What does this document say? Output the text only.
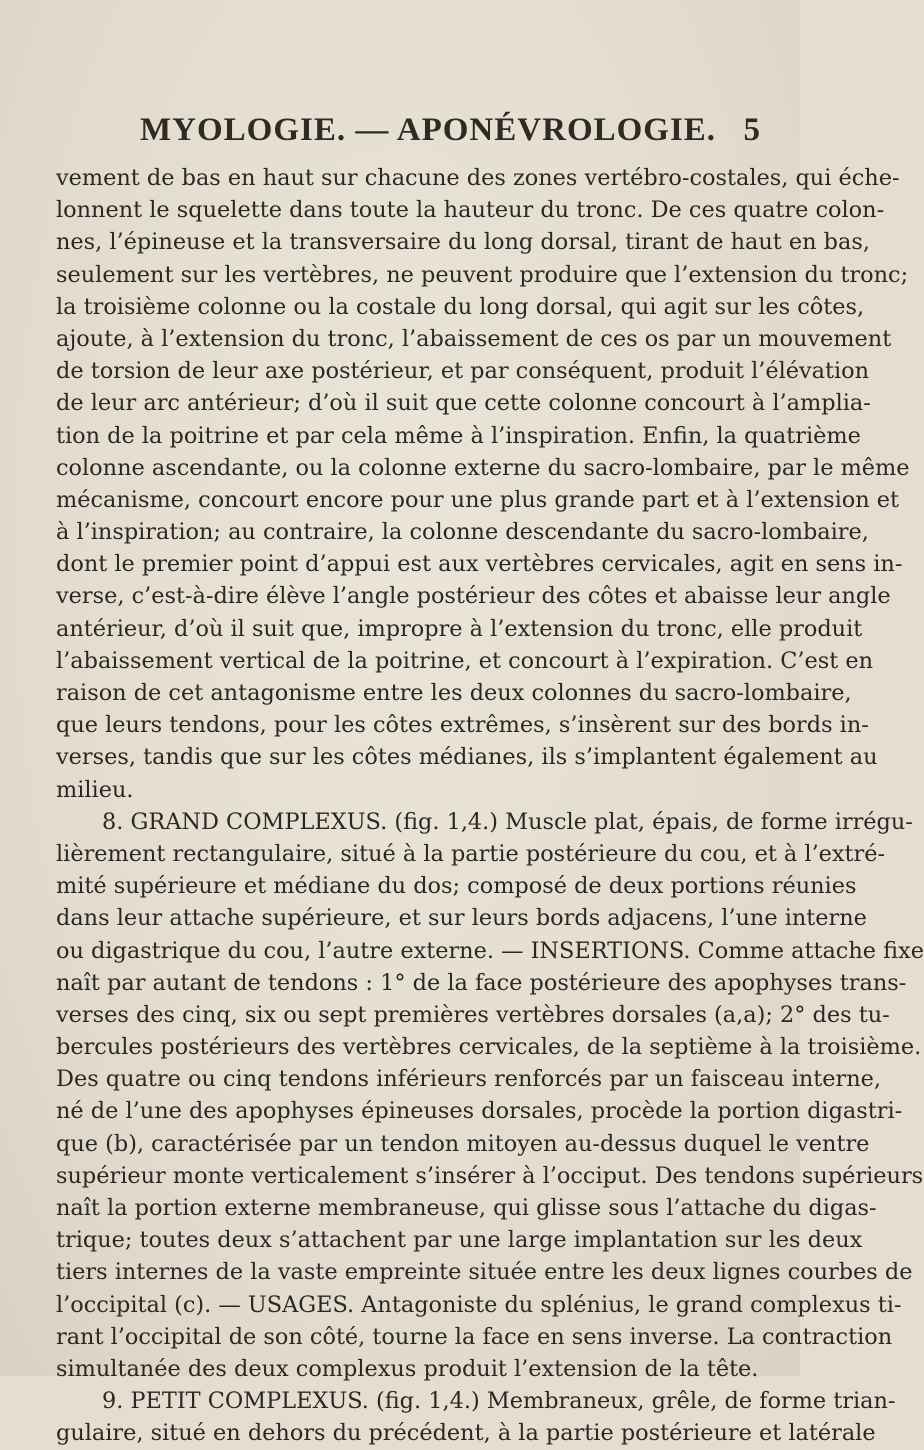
MYOLOGIE. — APONÉVROLOGIE. 5
vement de bas en haut sur chacune des zones vertébro-costales, qui éche-
lonnent le squelette dans toute la hauteur du tronc. De ces quatre colon-
nes, l’épineuse et la transversaire du long dorsal, tirant de haut en bas,
seulement sur les vertèbres, ne peuvent produire que l’extension du tronc;
la troisième colonne ou la costale du long dorsal, qui agit sur les côtes,
ajoute, à l’extension du tronc, l’abaissement de ces os par un mouvement
de torsion de leur axe postérieur, et par conséquent, produit l’élévation
de leur arc antérieur; d’où il suit que cette colonne concourt à l’amplia-
tion de la poitrine et par cela même à l’inspiration. Enfin, la quatrième
colonne ascendante, ou la colonne externe du sacro-lombaire, par le même
mécanisme, concourt encore pour une plus grande part et à l’extension et
à l’inspiration; au contraire, la colonne descendante du sacro-lombaire,
dont le premier point d’appui est aux vertèbres cervicales, agit en sens in-
verse, c’est-à-dire élève l’angle postérieur des côtes et abaisse leur angle
antérieur, d’où il suit que, impropre à l’extension du tronc, elle produit
l’abaissement vertical de la poitrine, et concourt à l’expiration. C’est en
raison de cet antagonisme entre les deux colonnes du sacro-lombaire,
que leurs tendons, pour les côtes extrêmes, s’insèrent sur des bords in-
verses, tandis que sur les côtes médianes, ils s’implantent également au
milieu.
8. GRAND COMPLEXUS. (fig. 1,4.) Muscle plat, épais, de forme irrégu-
lièrement rectangulaire, situé à la partie postérieure du cou, et à l’extré-
mité supérieure et médiane du dos; composé de deux portions réunies
dans leur attache supérieure, et sur leurs bords adjacens, l’une interne
ou digastrique du cou, l’autre externe. — INSERTIONS. Comme attache fixe
naît par autant de tendons : 1° de la face postérieure des apophyses trans-
verses des cinq, six ou sept premières vertèbres dorsales (a,a); 2° des tu-
bercules postérieurs des vertèbres cervicales, de la septième à la troisième.
Des quatre ou cinq tendons inférieurs renforcés par un faisceau interne,
né de l’une des apophyses épineuses dorsales, procède la portion digastri-
que (b), caractérisée par un tendon mitoyen au-dessus duquel le ventre
supérieur monte verticalement s’insérer à l’occiput. Des tendons supérieurs
naît la portion externe membraneuse, qui glisse sous l’attache du digas-
trique; toutes deux s’attachent par une large implantation sur les deux
tiers internes de la vaste empreinte située entre les deux lignes courbes de
l’occipital (c). — USAGES. Antagoniste du splénius, le grand complexus ti-
rant l’occipital de son côté, tourne la face en sens inverse. La contraction
simultanée des deux complexus produit l’extension de la tête.
9. PETIT COMPLEXUS. (fig. 1,4.) Membraneux, grêle, de forme trian-
gulaire, situé en dehors du précédent, à la partie postérieure et latérale
